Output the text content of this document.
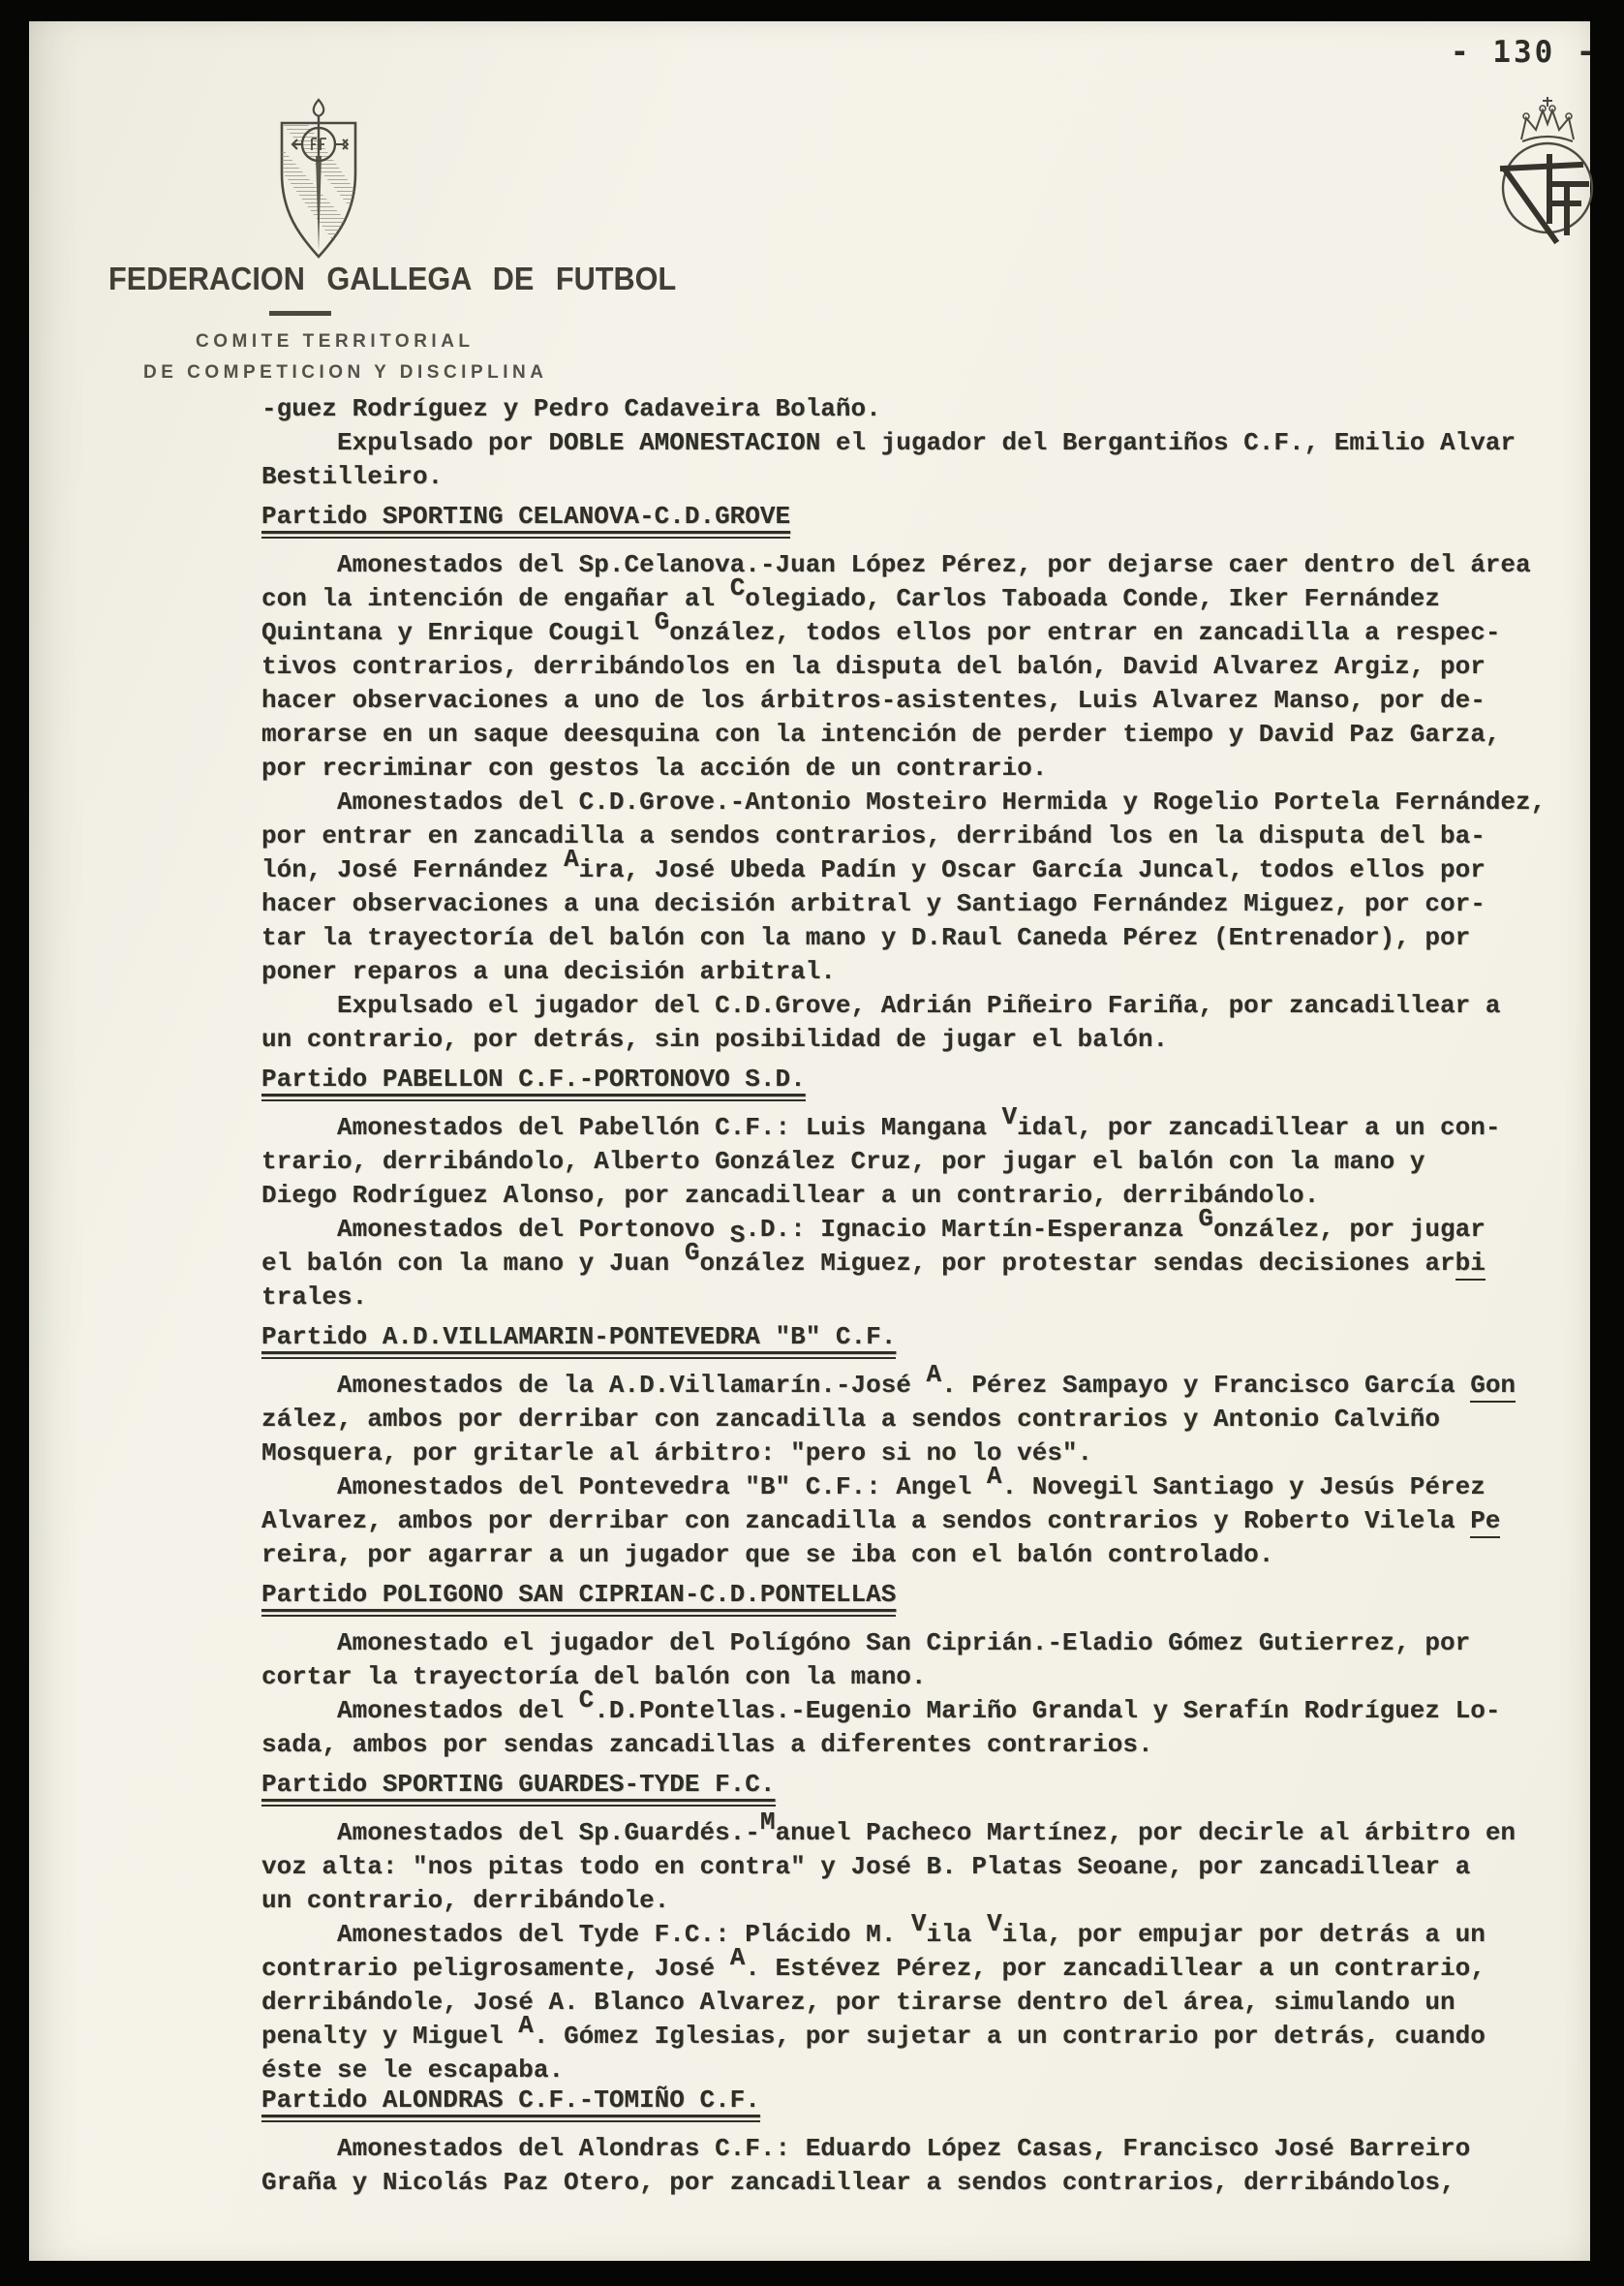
- 130 -
FEDERACION GALLEGA DE FUTBOL
COMITE TERRITORIAL
DE COMPETICION Y DISCIPLINA
-guez Rodríguez y Pedro Cadaveira Bolaño.
Expulsado por DOBLE AMONESTACION el jugador del Bergantiños C.F., Emilio Alvar
Bestilleiro.
Partido SPORTING CELANOVA-C.D.GROVE
Amonestados del Sp.Celanova.-Juan López Pérez, por dejarse caer dentro del área
con la intención de engañar al Colegiado, Carlos Taboada Conde, Iker Fernández
Quintana y Enrique Cougil González, todos ellos por entrar en zancadilla a respec-
tivos contrarios, derribándolos en la disputa del balón, David Alvarez Argiz, por
hacer observaciones a uno de los árbitros-asistentes, Luis Alvarez Manso, por de-
morarse en un saque deesquina con la intención de perder tiempo y David Paz Garza,
por recriminar con gestos la acción de un contrario.
Amonestados del C.D.Grove.-Antonio Mosteiro Hermida y Rogelio Portela Fernández,
por entrar en zancadilla a sendos contrarios, derribánd los en la disputa del ba-
lón, José Fernández Aira, José Ubeda Padín y Oscar García Juncal, todos ellos por
hacer observaciones a una decisión arbitral y Santiago Fernández Miguez, por cor-
tar la trayectoría del balón con la mano y D.Raul Caneda Pérez (Entrenador), por
poner reparos a una decisión arbitral.
Expulsado el jugador del C.D.Grove, Adrián Piñeiro Fariña, por zancadillear a
un contrario, por detrás, sin posibilidad de jugar el balón.
Partido PABELLON C.F.-PORTONOVO S.D.
Amonestados del Pabellón C.F.: Luis Mangana Vidal, por zancadillear a un con-
trario, derribándolo, Alberto González Cruz, por jugar el balón con la mano y
Diego Rodríguez Alonso, por zancadillear a un contrario, derribándolo.
Amonestados del Portonovo S.D.: Ignacio Martín-Esperanza González, por jugar
el balón con la mano y Juan González Miguez, por protestar sendas decisiones arbi
trales.
Partido A.D.VILLAMARIN-PONTEVEDRA "B" C.F.
Amonestados de la A.D.Villamarín.-José A. Pérez Sampayo y Francisco García Gon
zález, ambos por derribar con zancadilla a sendos contrarios y Antonio Calviño
Mosquera, por gritarle al árbitro: "pero si no lo vés".
Amonestados del Pontevedra "B" C.F.: Angel A. Novegil Santiago y Jesús Pérez
Alvarez, ambos por derribar con zancadilla a sendos contrarios y Roberto Vilela Pe
reira, por agarrar a un jugador que se iba con el balón controlado.
Partido POLIGONO SAN CIPRIAN-C.D.PONTELLAS
Amonestado el jugador del Polígóno San Ciprián.-Eladio Gómez Gutierrez, por
cortar la trayectoría del balón con la mano.
Amonestados del C.D.Pontellas.-Eugenio Mariño Grandal y Serafín Rodríguez Lo-
sada, ambos por sendas zancadillas a diferentes contrarios.
Partido SPORTING GUARDES-TYDE F.C.
Amonestados del Sp.Guardés.-Manuel Pacheco Martínez, por decirle al árbitro en
voz alta: "nos pitas todo en contra" y José B. Platas Seoane, por zancadillear a
un contrario, derribándole.
Amonestados del Tyde F.C.: Plácido M. Vila Vila, por empujar por detrás a un
contrario peligrosamente, José A. Estévez Pérez, por zancadillear a un contrario,
derribándole, José A. Blanco Alvarez, por tirarse dentro del área, simulando un
penalty y Miguel A. Gómez Iglesias, por sujetar a un contrario por detrás, cuando
éste se le escapaba.
Partido ALONDRAS C.F.-TOMIÑO C.F.
Amonestados del Alondras C.F.: Eduardo López Casas, Francisco José Barreiro
Graña y Nicolás Paz Otero, por zancadillear a sendos contrarios, derribándolos,
